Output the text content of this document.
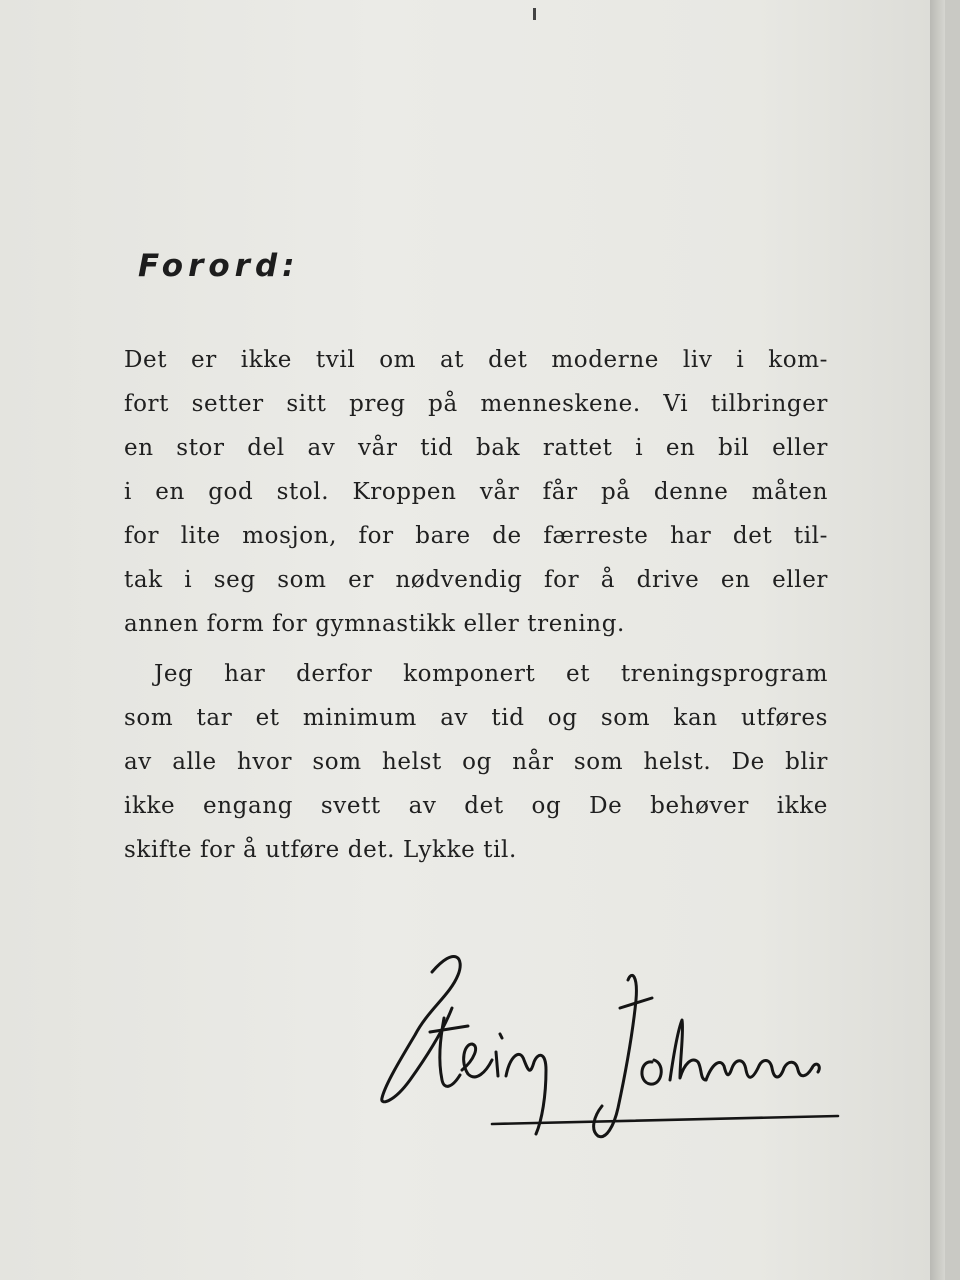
Forord:
Det er ikke tvil om at det moderne liv i kom-
fort setter sitt preg på menneskene. Vi tilbringer
en stor del av vår tid bak rattet i en bil eller
i en god stol. Kroppen vår får på denne måten
for lite mosjon, for bare de færreste har det til-
tak i seg som er nødvendig for å drive en eller
annen form for gymnastikk eller trening.
Jeg har derfor komponert et treningsprogram
som tar et minimum av tid og som kan utføres
av alle hvor som helst og når som helst. De blir
ikke engang svett av det og De behøver ikke
skifte for å utføre det. Lykke til.
